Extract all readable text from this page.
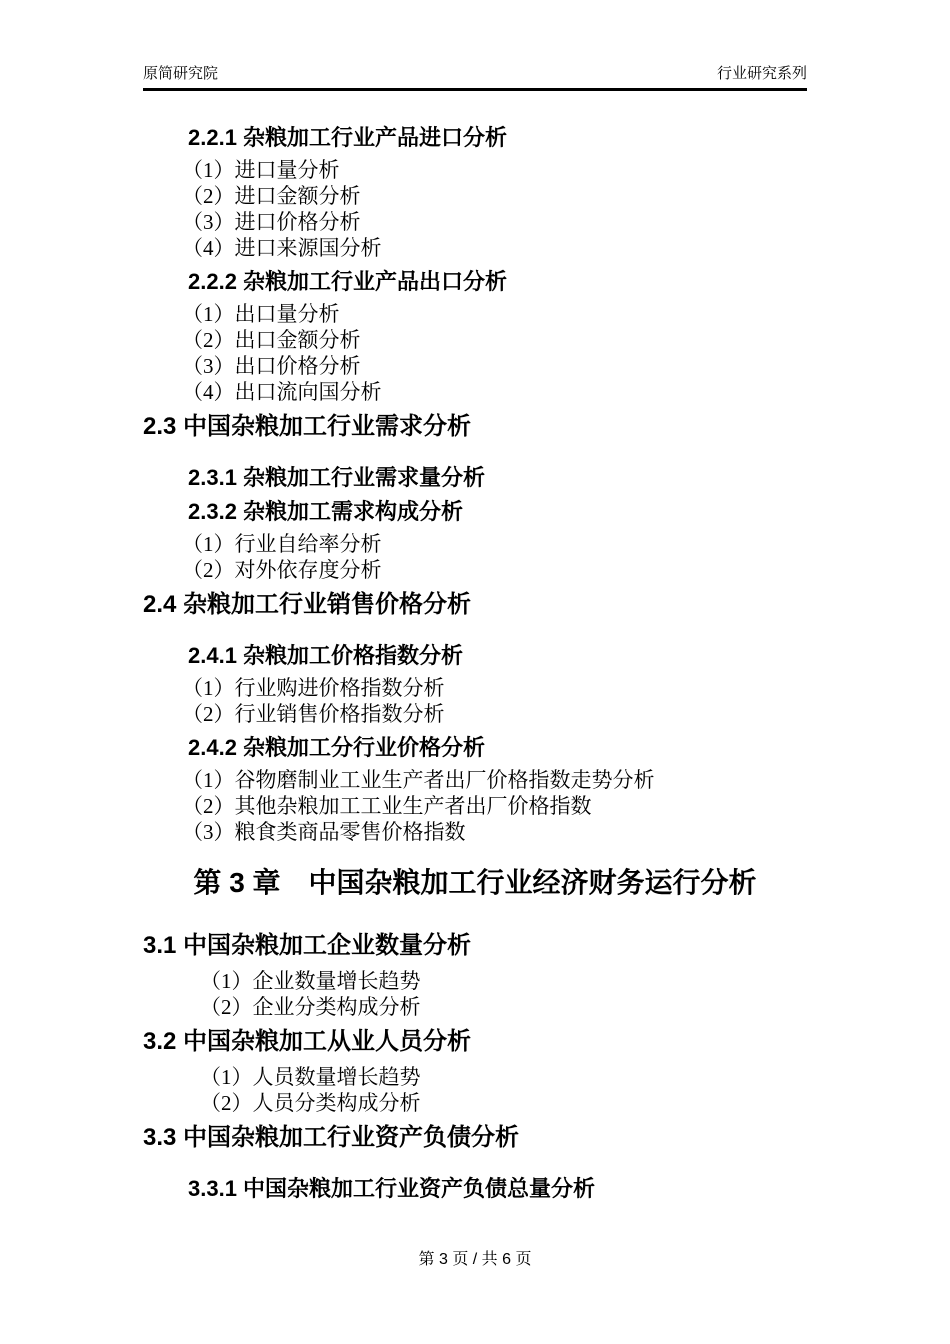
原简研究院	行业研究系列
2.2.1 杂粮加工行业产品进口分析
（1）进口量分析
（2）进口金额分析
（3）进口价格分析
（4）进口来源国分析
2.2.2 杂粮加工行业产品出口分析
（1）出口量分析
（2）出口金额分析
（3）出口价格分析
（4）出口流向国分析
2.3 中国杂粮加工行业需求分析
2.3.1 杂粮加工行业需求量分析
2.3.2 杂粮加工需求构成分析
（1）行业自给率分析
（2）对外依存度分析
2.4 杂粮加工行业销售价格分析
2.4.1 杂粮加工价格指数分析
（1）行业购进价格指数分析
（2）行业销售价格指数分析
2.4.2 杂粮加工分行业价格分析
（1）谷物磨制业工业生产者出厂价格指数走势分析
（2）其他杂粮加工工业生产者出厂价格指数
（3）粮食类商品零售价格指数
第 3 章　中国杂粮加工行业经济财务运行分析
3.1 中国杂粮加工企业数量分析
（1）企业数量增长趋势
（2）企业分类构成分析
3.2 中国杂粮加工从业人员分析
（1）人员数量增长趋势
（2）人员分类构成分析
3.3 中国杂粮加工行业资产负债分析
3.3.1 中国杂粮加工行业资产负债总量分析
第 3 页 / 共 6 页
